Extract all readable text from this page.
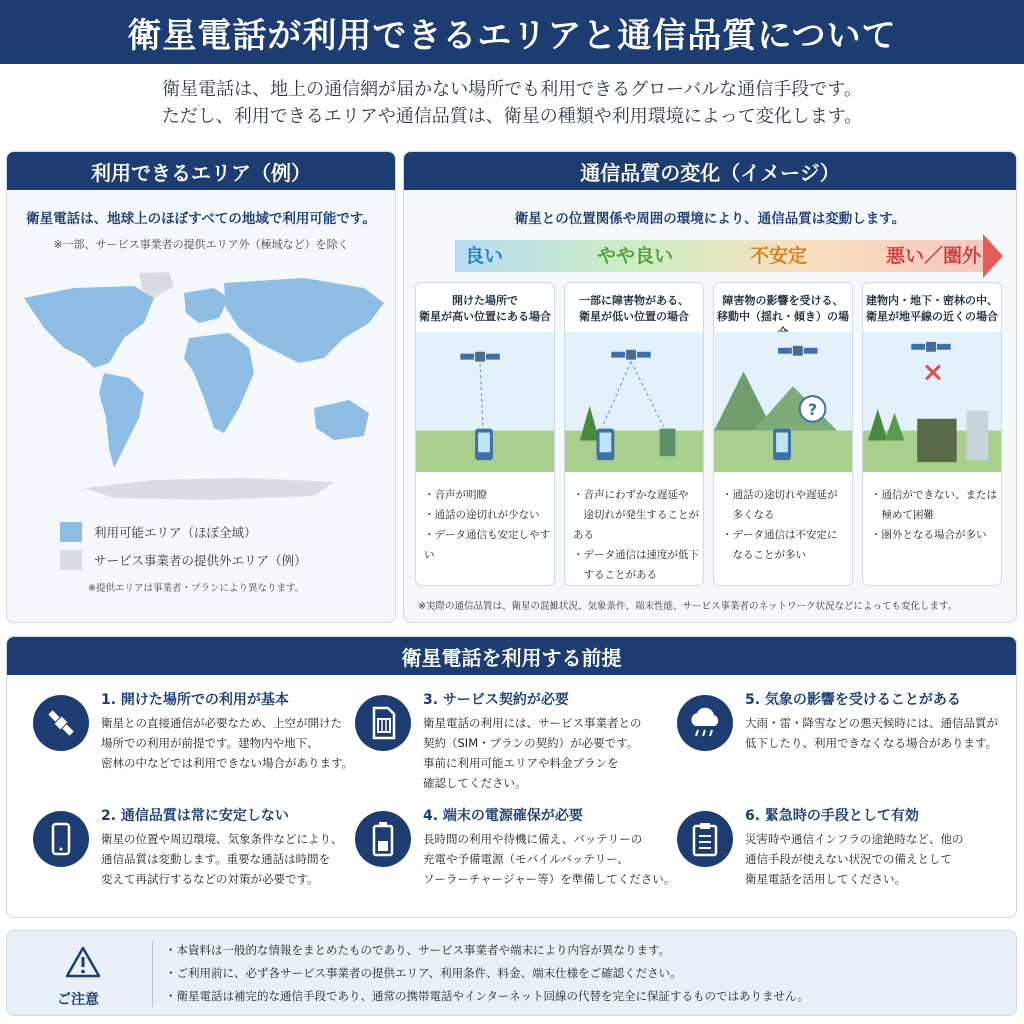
衛星電話が利用できるエリアと通信品質について
衛星電話は、地上の通信網が届かない場所でも利用できるグローバルな通信手段です。
ただし、利用できるエリアや通信品質は、衛星の種類や利用環境によって変化します。
利用できるエリア（例）
衛星電話は、地球上のほぼすべての地域で利用可能です。
※一部、サービス事業者の提供エリア外（極域など）を除く
利用可能エリア（ほぼ全域）
サービス事業者の提供外エリア（例）
※提供エリアは事業者・プランにより異なります。
通信品質の変化（イメージ）
衛星との位置関係や周囲の環境により、通信品質は変動します。
良い	やや良い	不安定	悪い／圏外
開けた場所で
衛星が高い位置にある場合
・音声が明瞭
・通話の途切れが少ない
・データ通信も安定しやすい
一部に障害物がある、
衛星が低い位置の場合
・音声にわずかな遅延や
　途切れが発生することがある
・データ通信は速度が低下
　することがある
障害物の影響を受ける、
移動中（揺れ・傾き）の場
?
・通話の途切れや遅延が
　多くなる
・データ通信は不安定に
　なることが多い
建物内・地下・密林の中、
衛星が地平線の近くの場合
・通信ができない、または
　極めて困難
・圏外となる場合が多い
※実際の通信品質は、衛星の混雑状況、気象条件、端末性能、サービス事業者のネットワーク状況などによっても変化します。
衛星電話を利用する前提
1. 開けた場所での利用が基本
衛星との直接通信が必要なため、上空が開けた
場所での利用が前提です。建物内や地下、
密林の中などでは利用できない場合があります。
2. 通信品質は常に安定しない
衛星の位置や周辺環境、気象条件などにより、
通信品質は変動します。重要な通話は時間を
変えて再試行するなどの対策が必要です。
3. サービス契約が必要
衛星電話の利用には、サービス事業者との
契約（SIM・プランの契約）が必要です。
事前に利用可能エリアや料金プランを
確認してください。
4. 端末の電源確保が必要
長時間の利用や待機に備え、バッテリーの
充電や予備電源（モバイルバッテリー、
ソーラーチャージャー等）を準備してください。
5. 気象の影響を受けることがある
大雨・雷・降雪などの悪天候時には、通信品質が
低下したり、利用できなくなる場合があります。
6. 緊急時の手段として有効
災害時や通信インフラの途絶時など、他の
通信手段が使えない状況での備えとして
衛星電話を活用してください。
ご注意
・本資料は一般的な情報をまとめたものであり、サービス事業者や端末により内容が異なります。
・ご利用前に、必ず各サービス事業者の提供エリア、利用条件、料金、端末仕様をご確認ください。
・衛星電話は補完的な通信手段であり、通常の携帯電話やインターネット回線の代替を完全に保証するものではありません。
